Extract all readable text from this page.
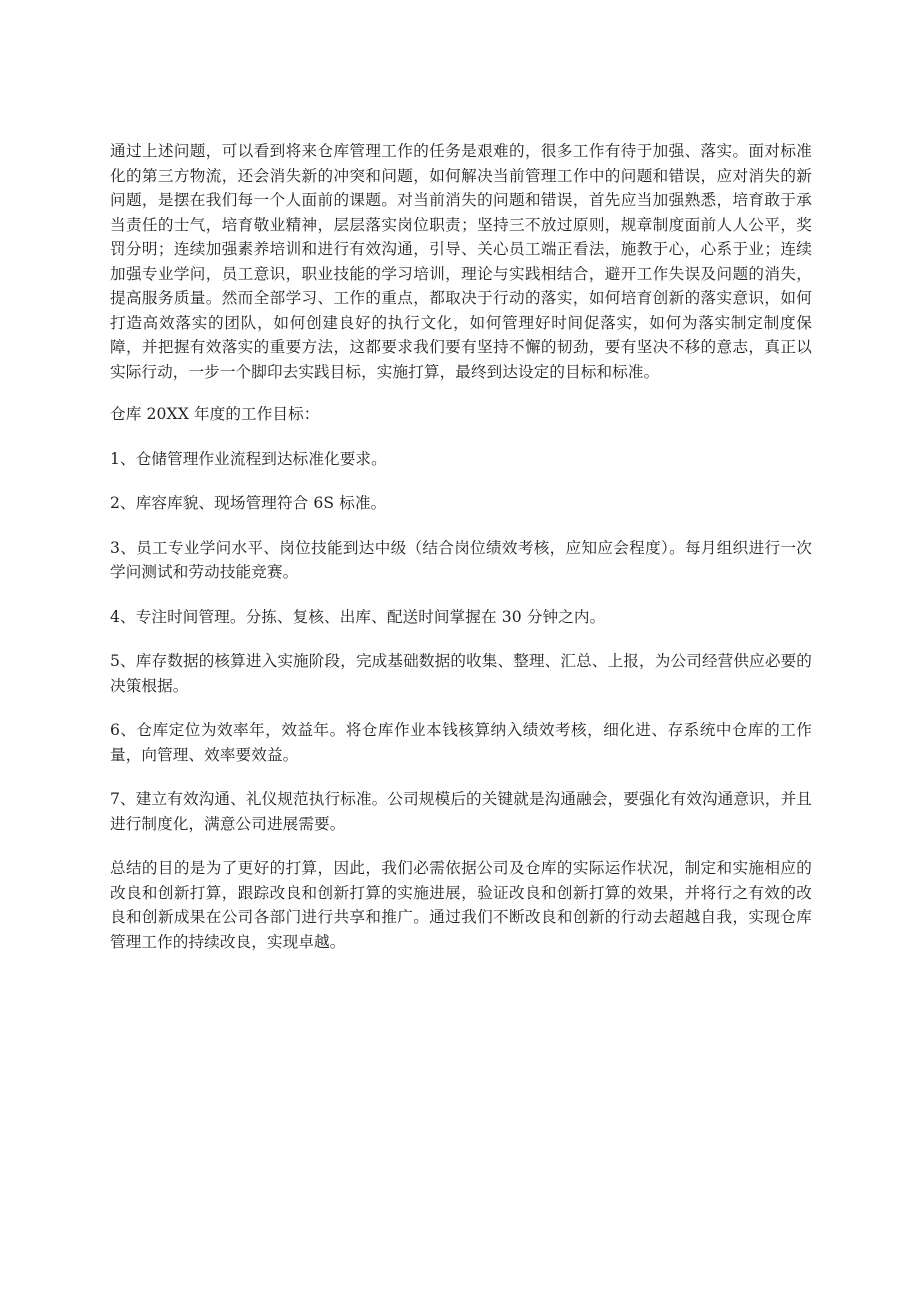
通过上述问题，可以看到将来仓库管理工作的任务是艰难的，很多工作有待于加强、落实。面对标准化的第三方物流，还会消失新的冲突和问题，如何解决当前管理工作中的问题和错误，应对消失的新问题，是摆在我们每一个人面前的课题。对当前消失的问题和错误，首先应当加强熟悉，培育敢于承当责任的士气，培育敬业精神，层层落实岗位职责；坚持三不放过原则，规章制度面前人人公平，奖罚分明；连续加强素养培训和进行有效沟通，引导、关心员工端正看法，施教于心，心系于业；连续加强专业学问，员工意识，职业技能的学习培训，理论与实践相结合，避开工作失误及问题的消失，提高服务质量。然而全部学习、工作的重点，都取决于行动的落实，如何培育创新的落实意识，如何打造高效落实的团队，如何创建良好的执行文化，如何管理好时间促落实，如何为落实制定制度保障，并把握有效落实的重要方法，这都要求我们要有坚持不懈的韧劲，要有坚决不移的意志，真正以实际行动，一步一个脚印去实践目标，实施打算，最终到达设定的目标和标准。

仓库 20XX 年度的工作目标：

1、仓储管理作业流程到达标准化要求。

2、库容库貌、现场管理符合 6S 标准。

3、员工专业学问水平、岗位技能到达中级（结合岗位绩效考核，应知应会程度）。每月组织进行一次学问测试和劳动技能竞赛。

4、专注时间管理。分拣、复核、出库、配送时间掌握在 30 分钟之内。

5、库存数据的核算进入实施阶段，完成基础数据的收集、整理、汇总、上报，为公司经营供应必要的决策根据。

6、仓库定位为效率年，效益年。将仓库作业本钱核算纳入绩效考核，细化进、存系统中仓库的工作量，向管理、效率要效益。

7、建立有效沟通、礼仪规范执行标准。公司规模后的关键就是沟通融会，要强化有效沟通意识，并且进行制度化，满意公司进展需要。

总结的目的是为了更好的打算，因此，我们必需依据公司及仓库的实际运作状况，制定和实施相应的改良和创新打算，跟踪改良和创新打算的实施进展，验证改良和创新打算的效果，并将行之有效的改良和创新成果在公司各部门进行共享和推广。通过我们不断改良和创新的行动去超越自我，实现仓库管理工作的持续改良，实现卓越。
